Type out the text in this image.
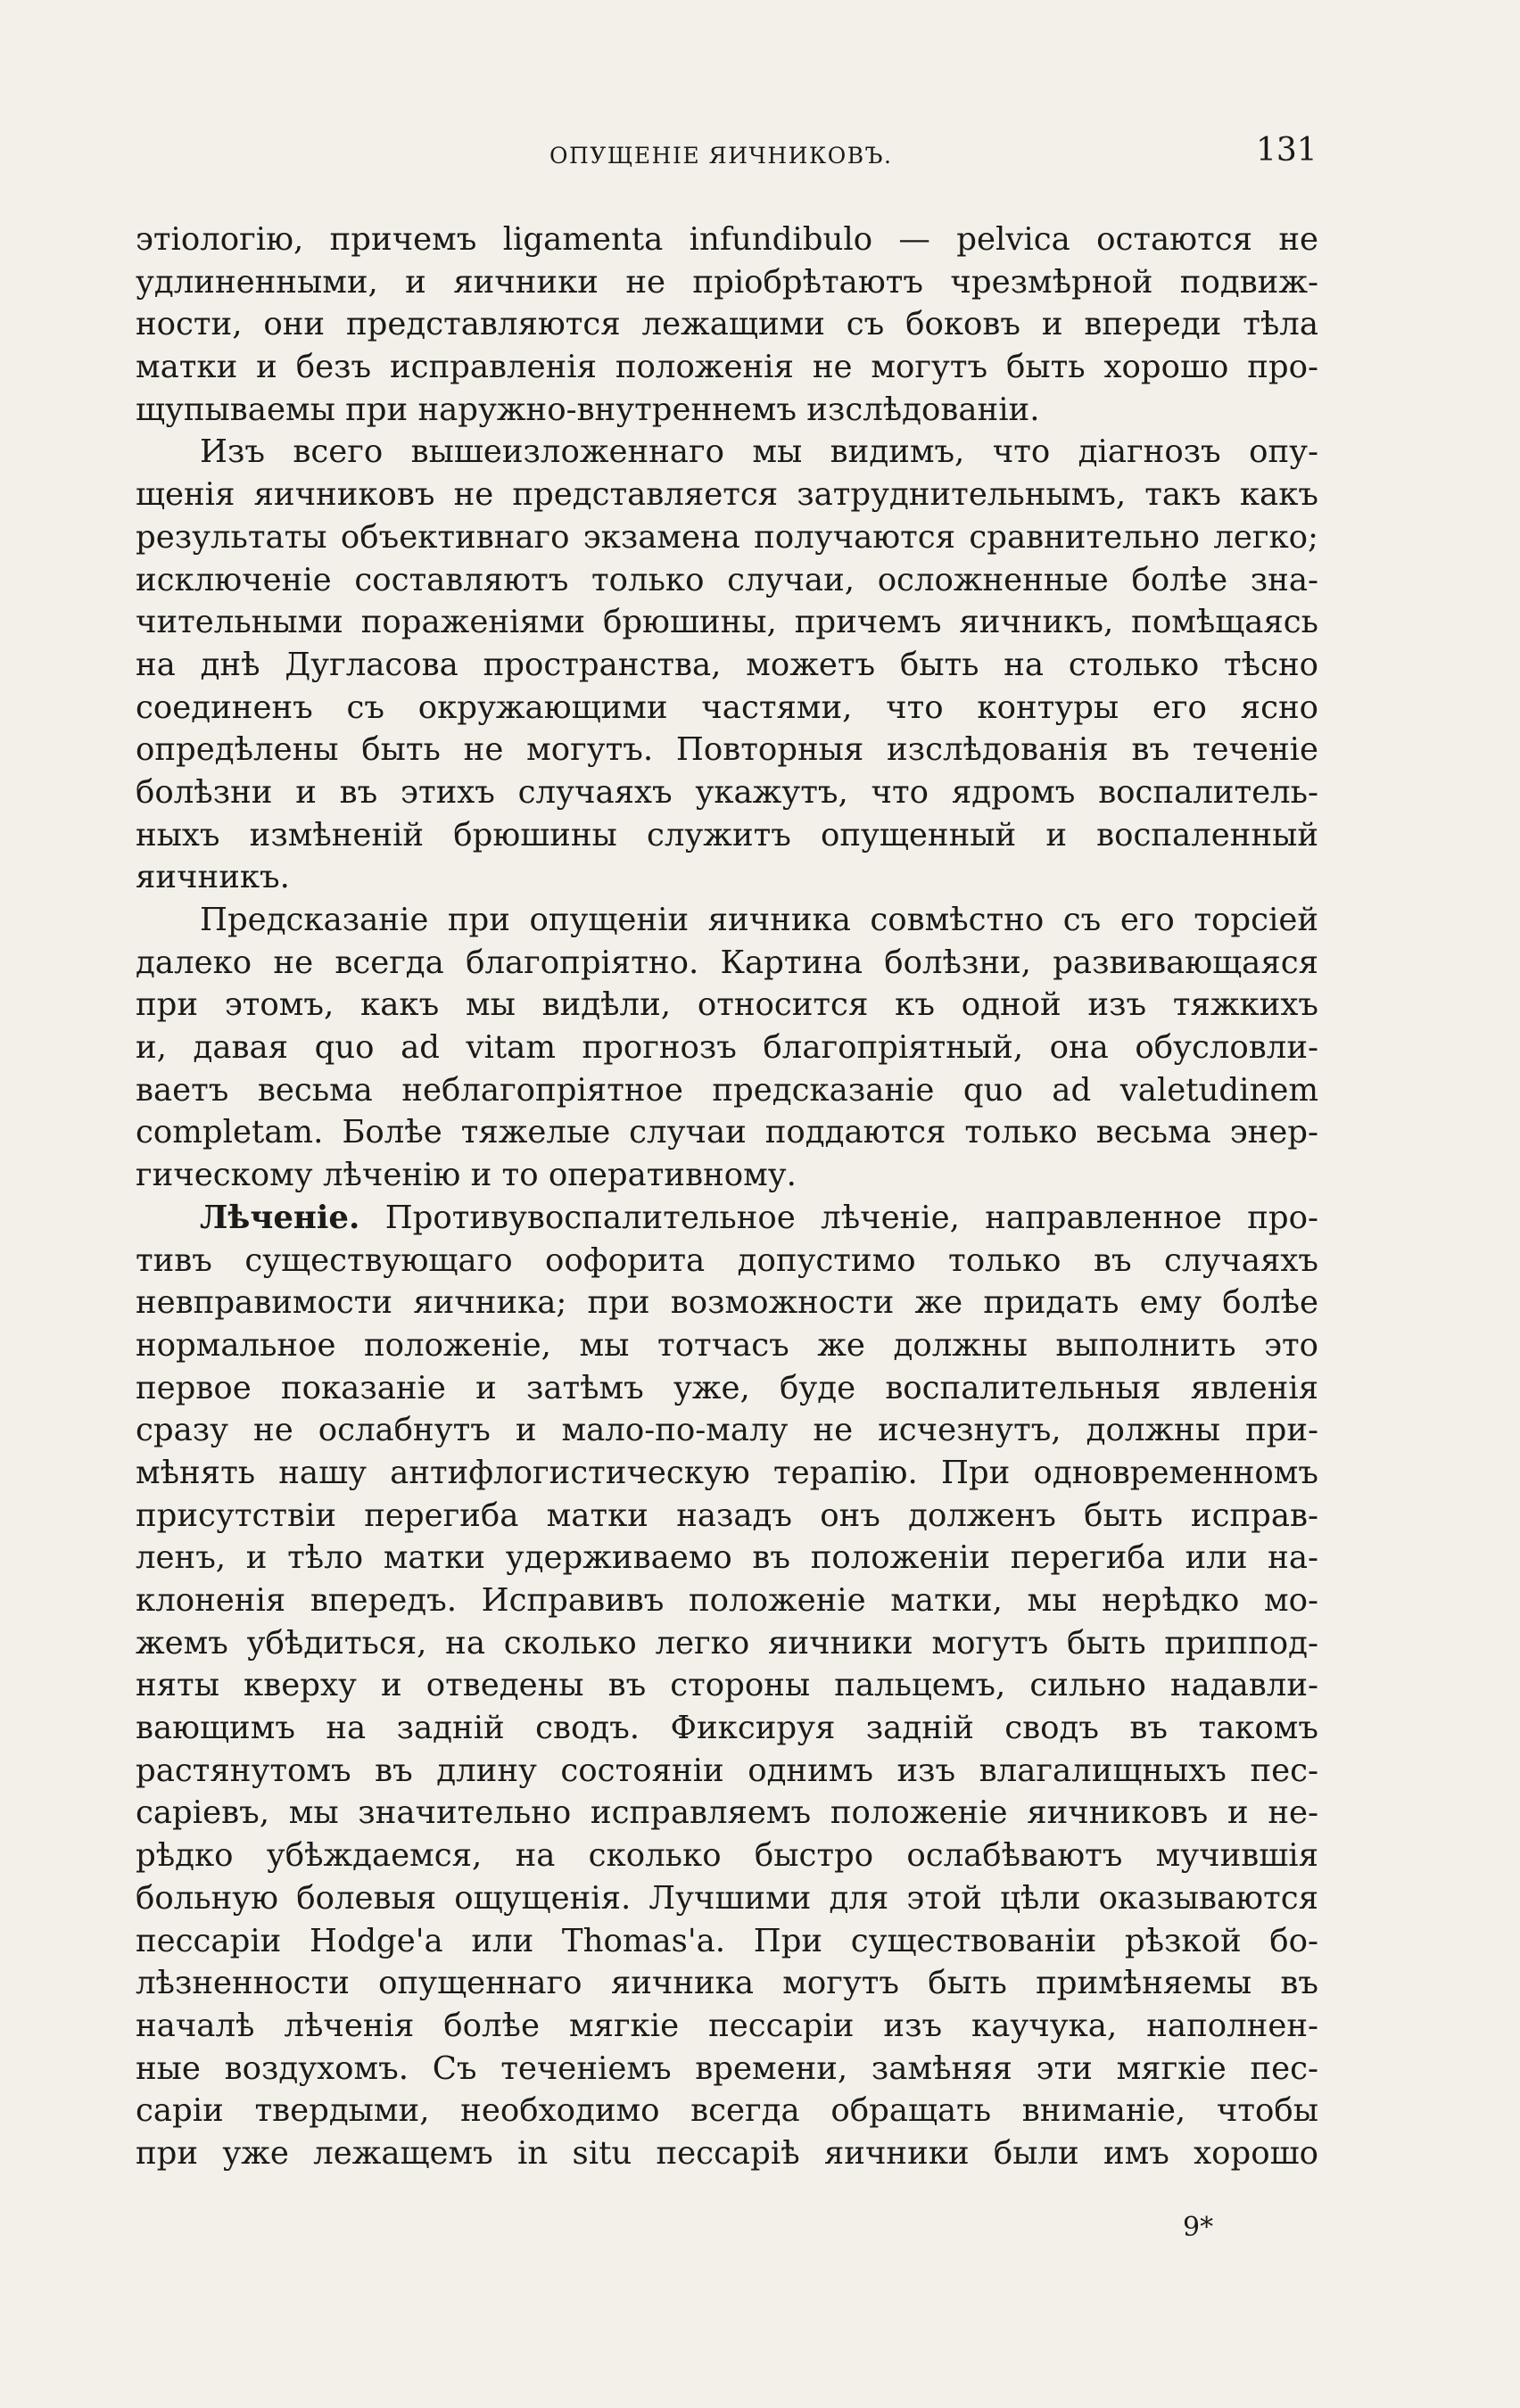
ОПУЩЕНІЕ ЯИЧНИКОВЪ.	131
этіологію, причемъ ligamenta infundibulo — pelvica остаются не
удлиненными, и яичники не пріобрѣтаютъ чрезмѣрной подвиж-
ности, они представляются лежащими съ боковъ и впереди тѣла
матки и безъ исправленія положенія не могутъ быть хорошо про-
щупываемы при наружно-внутреннемъ изслѣдованіи.
Изъ всего вышеизложеннаго мы видимъ, что діагнозъ опу-
щенія яичниковъ не представляется затруднительнымъ, такъ какъ
результаты объективнаго экзамена получаются сравнительно легко;
исключеніе составляютъ только случаи, осложненные болѣе зна-
чительными пораженіями брюшины, причемъ яичникъ, помѣщаясь
на днѣ Дугласова пространства, можетъ быть на столько тѣсно
соединенъ съ окружающими частями, что контуры его ясно
опредѣлены быть не могутъ. Повторныя изслѣдованія въ теченіе
болѣзни и въ этихъ случаяхъ укажутъ, что ядромъ воспалитель-
ныхъ измѣненій брюшины служитъ опущенный и воспаленный
яичникъ.
Предсказаніе при опущеніи яичника совмѣстно съ его торсіей
далеко не всегда благопріятно. Картина болѣзни, развивающаяся
при этомъ, какъ мы видѣли, относится къ одной изъ тяжкихъ
и, давая quo ad vitam прогнозъ благопріятный, она обусловли-
ваетъ весьма неблагопріятное предсказаніе quo ad valetudinem
completam. Болѣе тяжелые случаи поддаются только весьма энер-
гическому лѣченію и то оперативному.
Лѣченіе. Противувоспалительное лѣченіе, направленное про-
тивъ существующаго оофорита допустимо только въ случаяхъ
невправимости яичника; при возможности же придать ему болѣе
нормальное положеніе, мы тотчасъ же должны выполнить это
первое показаніе и затѣмъ уже, буде воспалительныя явленія
сразу не ослабнутъ и мало-по-малу не исчезнутъ, должны при-
мѣнять нашу антифлогистическую терапію. При одновременномъ
присутствіи перегиба матки назадъ онъ долженъ быть исправ-
ленъ, и тѣло матки удерживаемо въ положеніи перегиба или на-
клоненія впередъ. Исправивъ положеніе матки, мы нерѣдко мо-
жемъ убѣдиться, на сколько легко яичники могутъ быть приппод-
няты кверху и отведены въ стороны пальцемъ, сильно надавли-
вающимъ на задній сводъ. Фиксируя задній сводъ въ такомъ
растянутомъ въ длину состояніи однимъ изъ влагалищныхъ пес-
саріевъ, мы значительно исправляемъ положеніе яичниковъ и не-
рѣдко убѣждаемся, на сколько быстро ослабѣваютъ мучившія
больную болевыя ощущенія. Лучшими для этой цѣли оказываются
пессаріи Hodge'а или Thomas'а. При существованіи рѣзкой бо-
лѣзненности опущеннаго яичника могутъ быть примѣняемы въ
началѣ лѣченія болѣе мягкіе пессаріи изъ каучука, наполнен-
ные воздухомъ. Съ теченіемъ времени, замѣняя эти мягкіе пес-
саріи твердыми, необходимо всегда обращать вниманіе, чтобы
при уже лежащемъ in situ пессаріѣ яичники были имъ хорошо
9*
